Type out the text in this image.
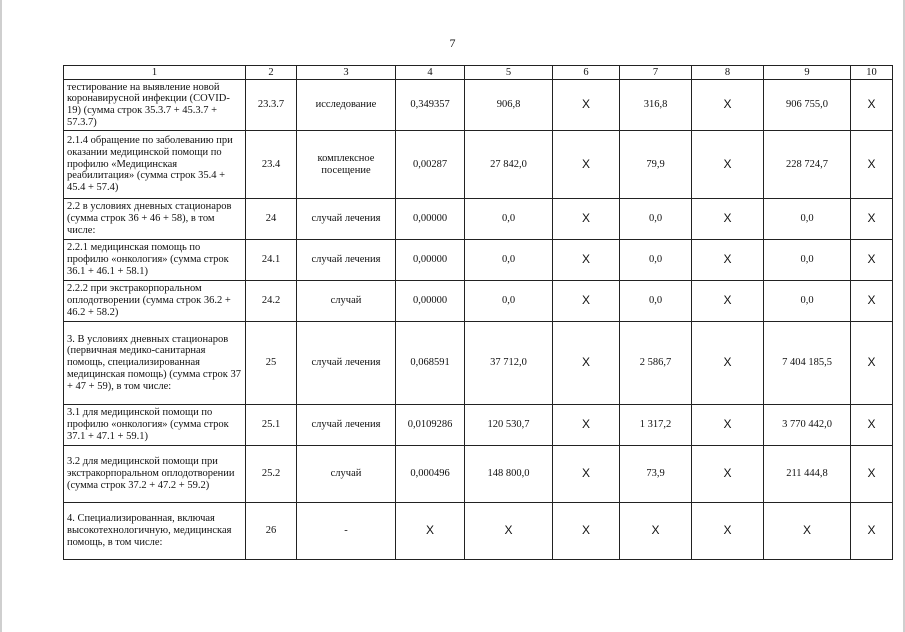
7
1	2	3	4	5	6	7	8	9	10
тестирование на выявление новой коронавирусной инфекции (COVID-19) (сумма строк 35.3.7 + 45.3.7 + 57.3.7)	23.3.7	исследование	0,349357	906,8	X	316,8	X	906 755,0	X
2.1.4 обращение по заболеванию при оказании медицинской помощи по профилю «Медицинская реабилитация» (сумма строк 35.4 + 45.4 + 57.4)	23.4	комплексное посещение	0,00287	27 842,0	X	79,9	X	228 724,7	X
2.2 в условиях дневных стационаров (сумма строк 36 + 46 + 58), в том числе:	24	случай лечения	0,00000	0,0	X	0,0	X	0,0	X
2.2.1 медицинская помощь по профилю «онкология» (сумма строк 36.1 + 46.1 + 58.1)	24.1	случай лечения	0,00000	0,0	X	0,0	X	0,0	X
2.2.2 при экстракорпоральном оплодотворении (сумма строк 36.2 + 46.2 + 58.2)	24.2	случай	0,00000	0,0	X	0,0	X	0,0	X
3. В условиях дневных стационаров (первичная медико-санитарная помощь, специализированная медицинская помощь) (сумма строк 37 + 47 + 59), в том числе:	25	случай лечения	0,068591	37 712,0	X	2 586,7	X	7 404 185,5	X
3.1 для медицинской помощи по профилю «онкология» (сумма строк 37.1 + 47.1 + 59.1)	25.1	случай лечения	0,0109286	120 530,7	X	1 317,2	X	3 770 442,0	X
3.2 для медицинской помощи при экстракорпоральном оплодотворении (сумма строк 37.2 + 47.2 + 59.2)	25.2	случай	0,000496	148 800,0	X	73,9	X	211 444,8	X
4. Специализированная, включая высокотехнологичную, медицинская помощь, в том числе:	26	-	X	X	X	X	X	X	X
